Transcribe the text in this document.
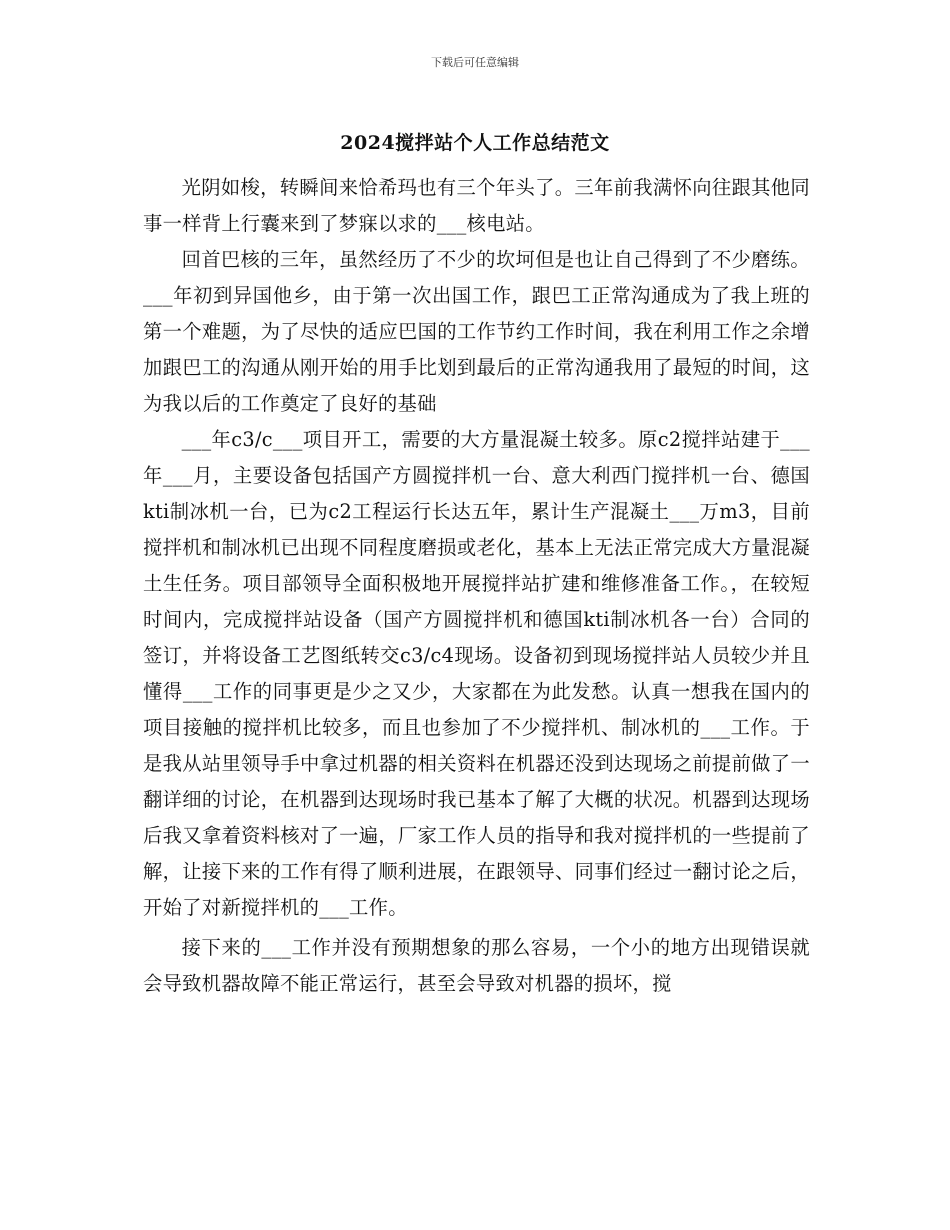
下载后可任意编辑
2024搅拌站个人工作总结范文

光阴如梭，转瞬间来恰希玛也有三个年头了。三年前我满怀向往跟其他同事一样背上行囊来到了梦寐以求的___核电站。

回首巴核的三年，虽然经历了不少的坎坷但是也让自己得到了不少磨练。___年初到异国他乡，由于第一次出国工作，跟巴工正常沟通成为了我上班的第一个难题，为了尽快的适应巴国的工作节约工作时间，我在利用工作之余增加跟巴工的沟通从刚开始的用手比划到最后的正常沟通我用了最短的时间，这为我以后的工作奠定了良好的基础

___年c3/c___项目开工，需要的大方量混凝土较多。原c2搅拌站建于___年___月，主要设备包括国产方圆搅拌机一台、意大利西门搅拌机一台、德国kti制冰机一台，已为c2工程运行长达五年，累计生产混凝土___万m3，目前搅拌机和制冰机已出现不同程度磨损或老化，基本上无法正常完成大方量混凝土生任务。项目部领导全面积极地开展搅拌站扩建和维修准备工作。，在较短时间内，完成搅拌站设备（国产方圆搅拌机和德国kti制冰机各一台）合同的签订，并将设备工艺图纸转交c3/c4现场。设备初到现场搅拌站人员较少并且懂得___工作的同事更是少之又少，大家都在为此发愁。认真一想我在国内的项目接触的搅拌机比较多，而且也参加了不少搅拌机、制冰机的___工作。于是我从站里领导手中拿过机器的相关资料在机器还没到达现场之前提前做了一翻详细的讨论，在机器到达现场时我已基本了解了大概的状况。机器到达现场后我又拿着资料核对了一遍，厂家工作人员的指导和我对搅拌机的一些提前了解，让接下来的工作有得了顺利进展，在跟领导、同事们经过一翻讨论之后，开始了对新搅拌机的___工作。

接下来的___工作并没有预期想象的那么容易，一个小的地方出现错误就会导致机器故障不能正常运行，甚至会导致对机器的损坏，搅
